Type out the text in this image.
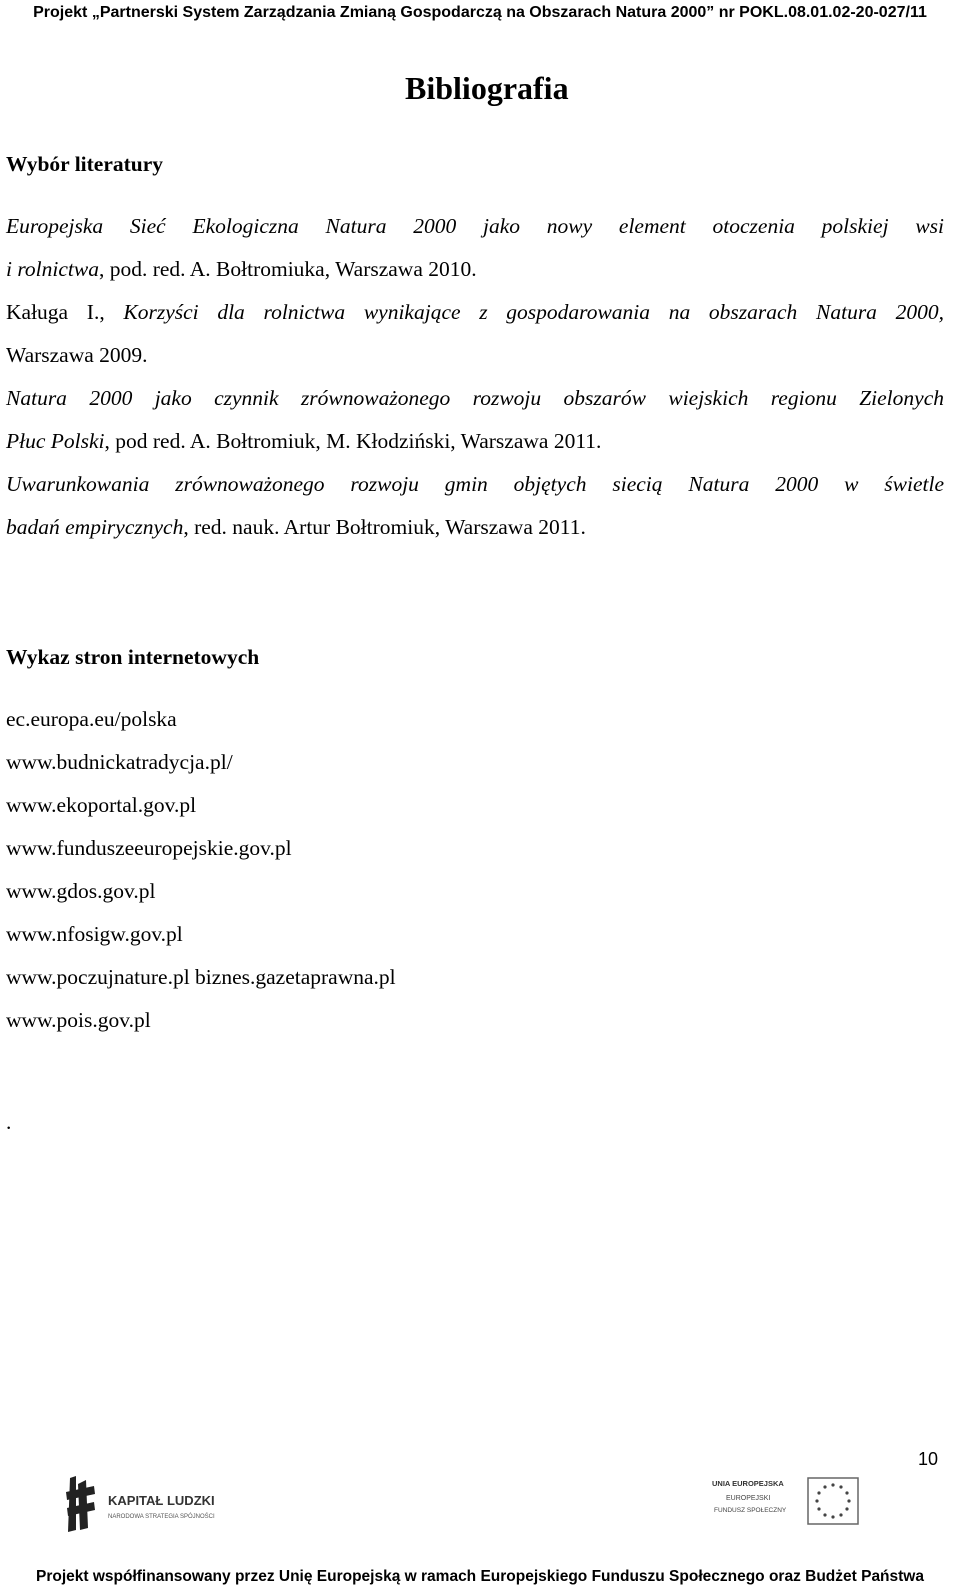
Projekt „Partnerski System Zarządzania Zmianą Gospodarczą na Obszarach Natura 2000” nr POKL.08.01.02-20-027/11
Bibliografia
Wybór literatury
Europejska Sieć Ekologiczna Natura 2000 jako nowy element otoczenia polskiej wsi
i rolnictwa, pod. red. A. Bołtromiuka, Warszawa 2010.
Kaługa I., Korzyści dla rolnictwa wynikające z gospodarowania na obszarach Natura 2000,
Warszawa 2009.
Natura 2000 jako czynnik zrównoważonego rozwoju obszarów wiejskich regionu Zielonych
Płuc Polski, pod red. A. Bołtromiuk, M. Kłodziński, Warszawa 2011.
Uwarunkowania zrównoważonego rozwoju gmin objętych siecią Natura 2000 w świetle
badań empirycznych, red. nauk. Artur Bołtromiuk, Warszawa 2011.
Wykaz stron internetowych
ec.europa.eu/polska
www.budnickatradycja.pl/
www.ekoportal.gov.pl
www.funduszeeuropejskie.gov.pl
www.gdos.gov.pl
www.nfosigw.gov.pl
www.poczujnature.pl biznes.gazetaprawna.pl
www.pois.gov.pl
.
10
KAPITAŁ LUDZKI
NARODOWA STRATEGIA SPÓJNOŚCI
UNIA EUROPEJSKA
EUROPEJSKI
FUNDUSZ SPOŁECZNY
Projekt współfinansowany przez Unię Europejską w ramach Europejskiego Funduszu Społecznego oraz Budżet Państwa
